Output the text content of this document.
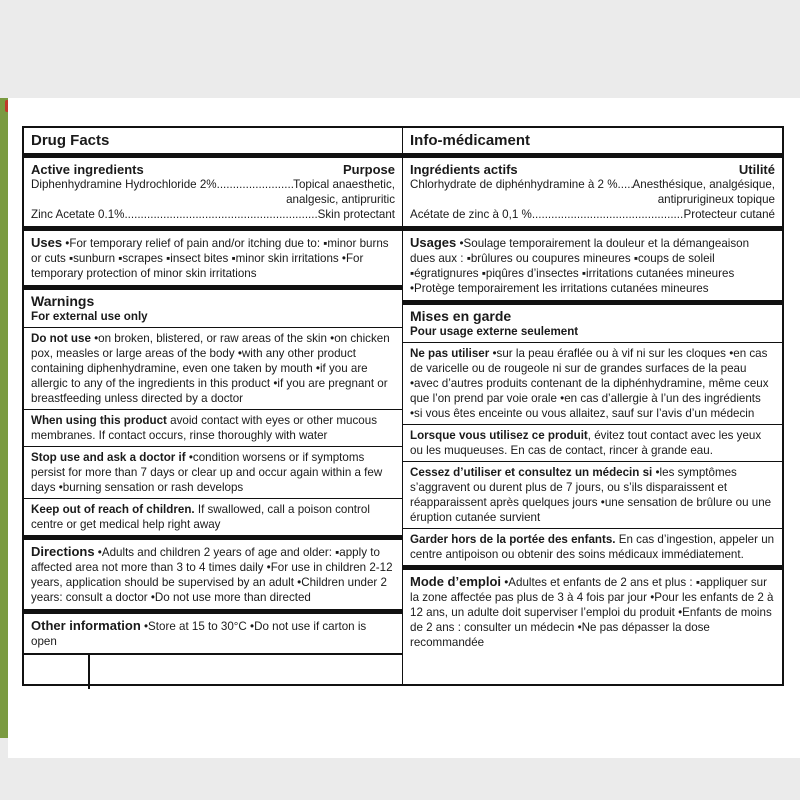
Drug Facts
Active ingredients	Purpose
Diphenhydramine Hydrochloride 2% .....	Topical anaesthetic,
analgesic, antipruritic
Zinc Acetate 0.1% .....	Skin protectant
Uses •For temporary relief of pain and/or itching due to: ▪minor burns or cuts ▪sunburn ▪scrapes ▪insect bites ▪minor skin irritations •For temporary protection of minor skin irritations
Warnings
For external use only
Do not use •on broken, blistered, or raw areas of the skin •on chicken pox, measles or large areas of the body •with any other product containing diphenhydramine, even one taken by mouth •if you are allergic to any of the ingredients in this product •if you are pregnant or breastfeeding unless directed by a doctor
When using this product avoid contact with eyes or other mucous membranes. If contact occurs, rinse thoroughly with water
Stop use and ask a doctor if •condition worsens or if symptoms persist for more than 7 days or clear up and occur again within a few days •burning sensation or rash develops
Keep out of reach of children. If swallowed, call a poison control centre or get medical help right away
Directions •Adults and children 2 years of age and older: ▪apply to affected area not more than 3 to 4 times daily •For use in children 2-12 years, application should be supervised by an adult •Children under 2 years: consult a doctor •Do not use more than directed
Other information •Store at 15 to 30°C •Do not use if carton is open
Info-médicament
Ingrédients actifs	Utilité
Chlorhydrate de diphénhydramine à 2 % ..... Anesthésique, analgésique,
antiprurigineux topique
Acétate de zinc à 0,1 % .....	Protecteur cutané
Usages •Soulage temporairement la douleur et la démangeaison dues aux : ▪brûlures ou coupures mineures ▪coups de soleil ▪égratignures ▪piqûres d’insectes ▪irritations cutanées mineures •Protège temporairement les irritations cutanées mineures
Mises en garde
Pour usage externe seulement
Ne pas utiliser •sur la peau éraflée ou à vif ni sur les cloques •en cas de varicelle ou de rougeole ni sur de grandes surfaces de la peau •avec d’autres produits contenant de la diphénhydramine, même ceux que l’on prend par voie orale •en cas d’allergie à l’un des ingrédients •si vous êtes enceinte ou vous allaitez, sauf sur l’avis d’un médecin
Lorsque vous utilisez ce produit, évitez tout contact avec les yeux ou les muqueuses. En cas de contact, rincer à grande eau.
Cessez d’utiliser et consultez un médecin si •les symptômes s’aggravent ou durent plus de 7 jours, ou s’ils disparaissent et réapparaissent après quelques jours •une sensation de brûlure ou une éruption cutanée survient
Garder hors de la portée des enfants. En cas d’ingestion, appeler un centre antipoison ou obtenir des soins médicaux immédiatement.
Mode d’emploi •Adultes et enfants de 2 ans et plus : ▪appliquer sur la zone affectée pas plus de 3 à 4 fois par jour •Pour les enfants de 2 à 12 ans, un adulte doit superviser l’emploi du produit •Enfants de moins de 2 ans : consulter un médecin •Ne pas dépasser la dose recommandée
